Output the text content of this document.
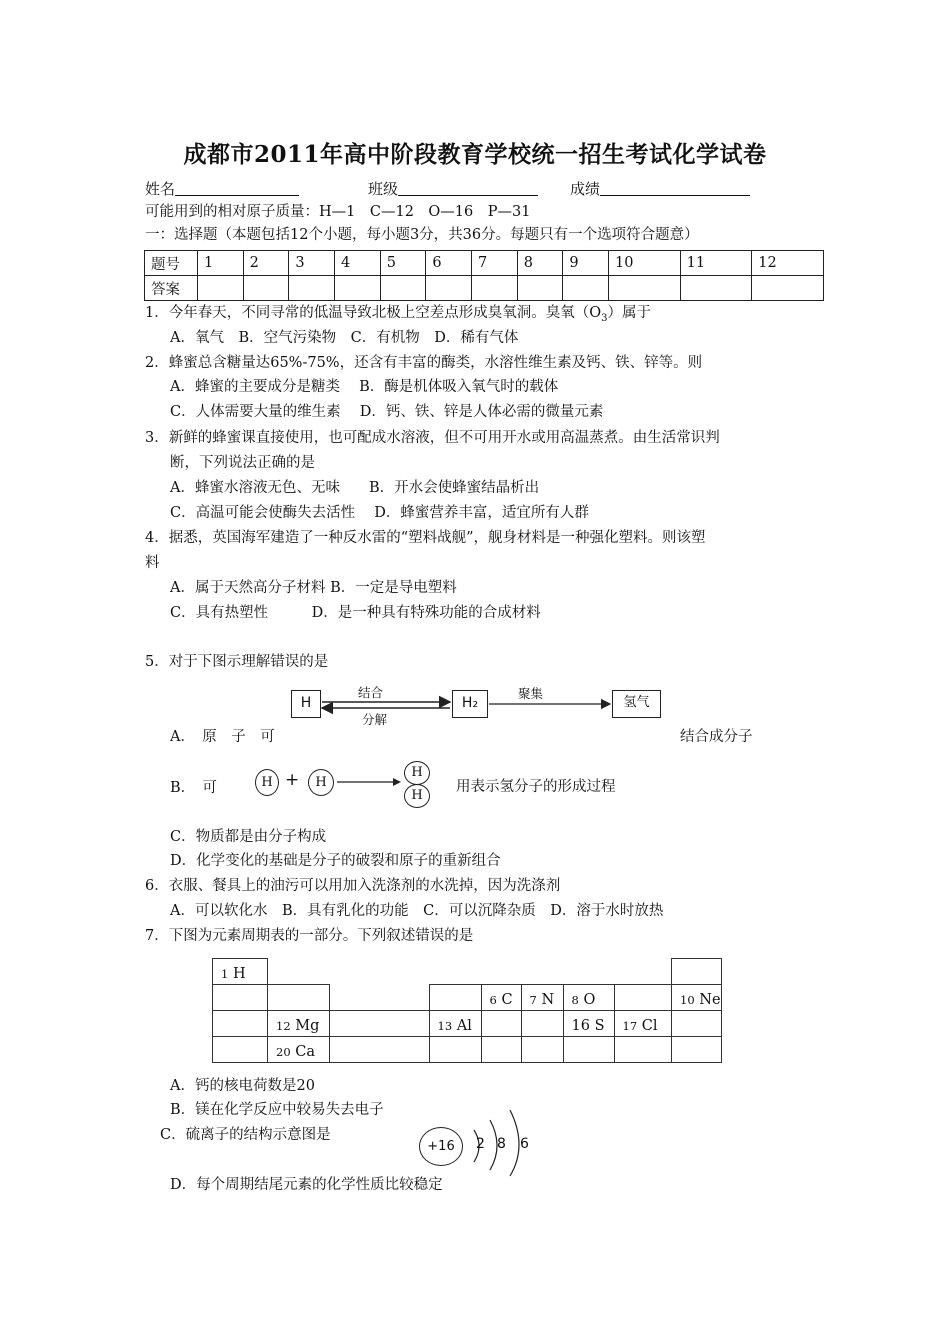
成都市2011年高中阶段教育学校统一招生考试化学试卷
姓名	班级	成绩
可能用到的相对原子质量：H—1　C—12　O—16　P—31
一：选择题（本题包括12个小题，每小题3分，共36分。每题只有一个选项符合题意）
题号	1	2	3	4	5	6	7	8	9	10	11	12
答案												
1．今年春天，不同寻常的低温导致北极上空差点形成臭氧洞。臭氧$(O_3)$属于
A．氧气　B．空气污染物　C．有机物　D．稀有气体
2．蜂蜜总含糖量达65%-75%，还含有丰富的酶类，水溶性维生素及钙、铁、锌等。则
A．蜂蜜的主要成分是糖类　 B．酶是机体吸入氧气时的载体
C．人体需要大量的维生素　 D．钙、铁、锌是人体必需的微量元素
3．新鲜的蜂蜜课直接使用，也可配成水溶液，但不可用开水或用高温蒸煮。由生活常识判
断，下列说法正确的是
A．蜂蜜水溶液无色、无味　　B．开水会使蜂蜜结晶析出
C．高温可能会使酶失去活性　 D．蜂蜜营养丰富，适宜所有人群
4．据悉，英国海军建造了一种反水雷的“塑料战舰”，舰身材料是一种强化塑料。则该塑
料
A．属于天然高分子材料 B．一定是导电塑料
C．具有热塑性　　　D．是一种具有特殊功能的合成材料
5．对于下图示理解错误的是
H	H₂	氢气
结合
分解
聚集
A．　原　子　可	结合成分子
B．　可	H +	H
H
H
用表示氢分子的形成过程
C．物质都是由分子构成
D．化学变化的基础是分子的破裂和原子的重新组合
6．衣服、餐具上的油污可以用加入洗涤剂的水洗掉，因为洗涤剂
A．可以软化水　B．具有乳化的功能　C．可以沉降杂质　D．溶于水时放热
7．下图为元素周期表的一部分。下列叙述错误的是
1 H								
				6 C	7 N	8 O		10 Ne
	12 Mg		13 Al			16 S	17 Cl	
	20 Ca							
A．钙的核电荷数是20
B．镁在化学反应中较易失去电子
C．硫离子的结构示意图是
+16	2 8 6
D．每个周期结尾元素的化学性质比较稳定
